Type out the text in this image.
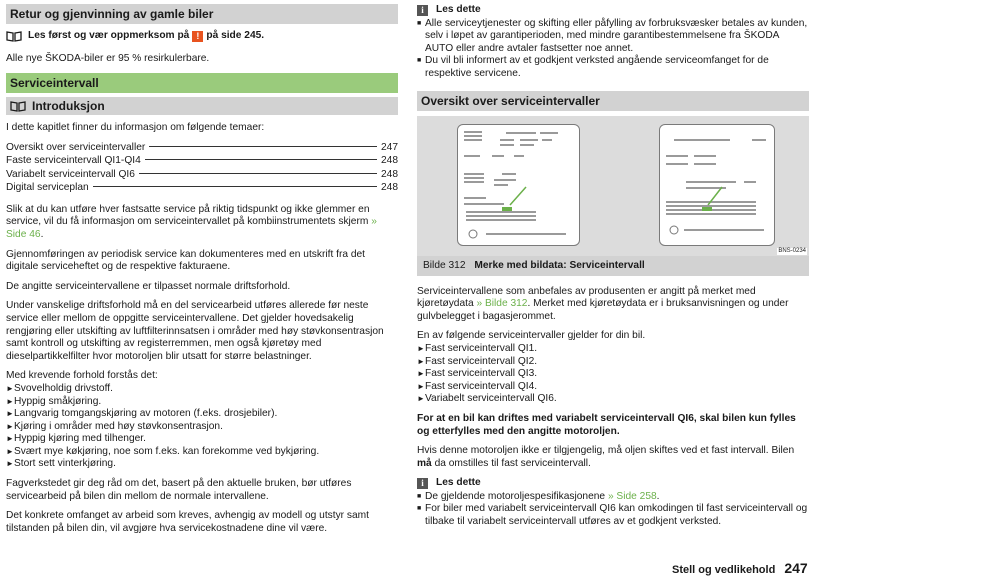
Retur og gjenvinning av gamle biler
Les først og vær oppmerksom på ! på side 245.

Alle nye ŠKODA-biler er 95 % resirkulerbare.

Serviceintervall
Introduksjon

I dette kapitlet finner du informasjon om følgende temaer:

Oversikt over serviceintervaller	247
Faste serviceintervall QI1-QI4	248
Variabelt serviceintervall QI6	248
Digital serviceplan	248

Slik at du kan utføre hver fastsatte service på riktig tidspunkt og ikke glemmer en service, vil du få informasjon om serviceintervallet på kombiinstrumentets skjerm » Side 46.

Gjennomføringen av periodisk service kan dokumenteres med en utskrift fra det digitale serviceheftet og de respektive fakturaene.

De angitte serviceintervallene er tilpasset normale driftsforhold.

Under vanskelige driftsforhold må en del servicearbeid utføres allerede før neste service eller mellom de oppgitte serviceintervallene. Det gjelder hovedsakelig rengjøring eller utskifting av luftfilterinnsatsen i områder med høy støvkonsentrasjon samt kontroll og utskifting av registerremmen, men også kjøretøy med dieselpartikkelfilter hvor motoroljen blir utsatt for større belastninger.

Med krevende forhold forstås det:
► Svovelholdig drivstoff.
► Hyppig småkjøring.
► Langvarig tomgangskjøring av motoren (f.eks. drosjebiler).
► Kjøring i områder med høy støvkonsentrasjon.
► Hyppig kjøring med tilhenger.
► Svært mye køkjøring, noe som f.eks. kan forekomme ved bykjøring.
► Stort sett vinterkjøring.

Fagverkstedet gir deg råd om det, basert på den aktuelle bruken, bør utføres servicearbeid på bilen din mellom de normale intervallene.

Det konkrete omfanget av arbeid som kreves, avhengig av modell og utstyr samt tilstanden på bilen din, vil avgjøre hva servicekostnadene dine vil være.

i	Les dette
■ Alle serviceytjenester og skifting eller påfylling av forbruksvæsker betales av kunden, selv i løpet av garantiperioden, med mindre garantibestemmelsene fra ŠKODA AUTO eller andre avtaler fastsetter noe annet.
■ Du vil bli informert av et godkjent verksted angående serviceomfanget for de respektive servicene.
Oversikt over serviceintervaller
BNS-0234
Bilde 312 Merke med bildata: Serviceintervall

Serviceintervallene som anbefales av produsenten er angitt på merket med kjøretøydata » Bilde 312. Merket med kjøretøydata er i bruksanvisningen og under gulvbelegget i bagasjerommet.

En av følgende serviceintervaller gjelder for din bil.
► Fast serviceintervall QI1.
► Fast serviceintervall QI2.
► Fast serviceintervall QI3.
► Fast serviceintervall QI4.
► Variabelt serviceintervall QI6.

For at en bil kan driftes med variabelt serviceintervall QI6, skal bilen kun fylles og etterfylles med den angitte motoroljen.

Hvis denne motoroljen ikke er tilgjengelig, må oljen skiftes ved et fast intervall. Bilen må da omstilles til fast serviceintervall.

i	Les dette
■ De gjeldende motoroljespesifikasjonene » Side 258.
■ For biler med variabelt serviceintervall QI6 kan omkodingen til fast serviceintervall og tilbake til variabelt serviceintervall utføres av et godkjent verksted.
Stell og vedlikehold 247
